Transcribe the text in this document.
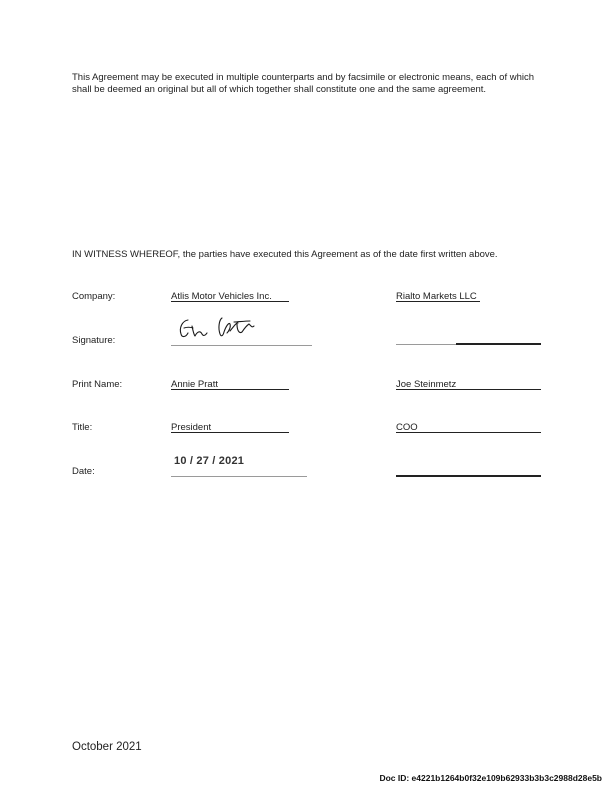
This Agreement may be executed in multiple counterparts and by facsimile or electronic means, each of which shall be deemed an original but all of which together shall constitute one and the same agreement.
IN WITNESS WHEREOF, the parties have executed this Agreement as of the date first written above.
Company:
Signature:
Print Name:
Title:
Date:
Atlis Motor Vehicles Inc.
Annie Pratt
President
10 / 27 / 2021
Rialto Markets LLC
Joe Steinmetz
COO
October 2021
Doc ID: e4221b1264b0f32e109b62933b3b3c2988d28e5b
